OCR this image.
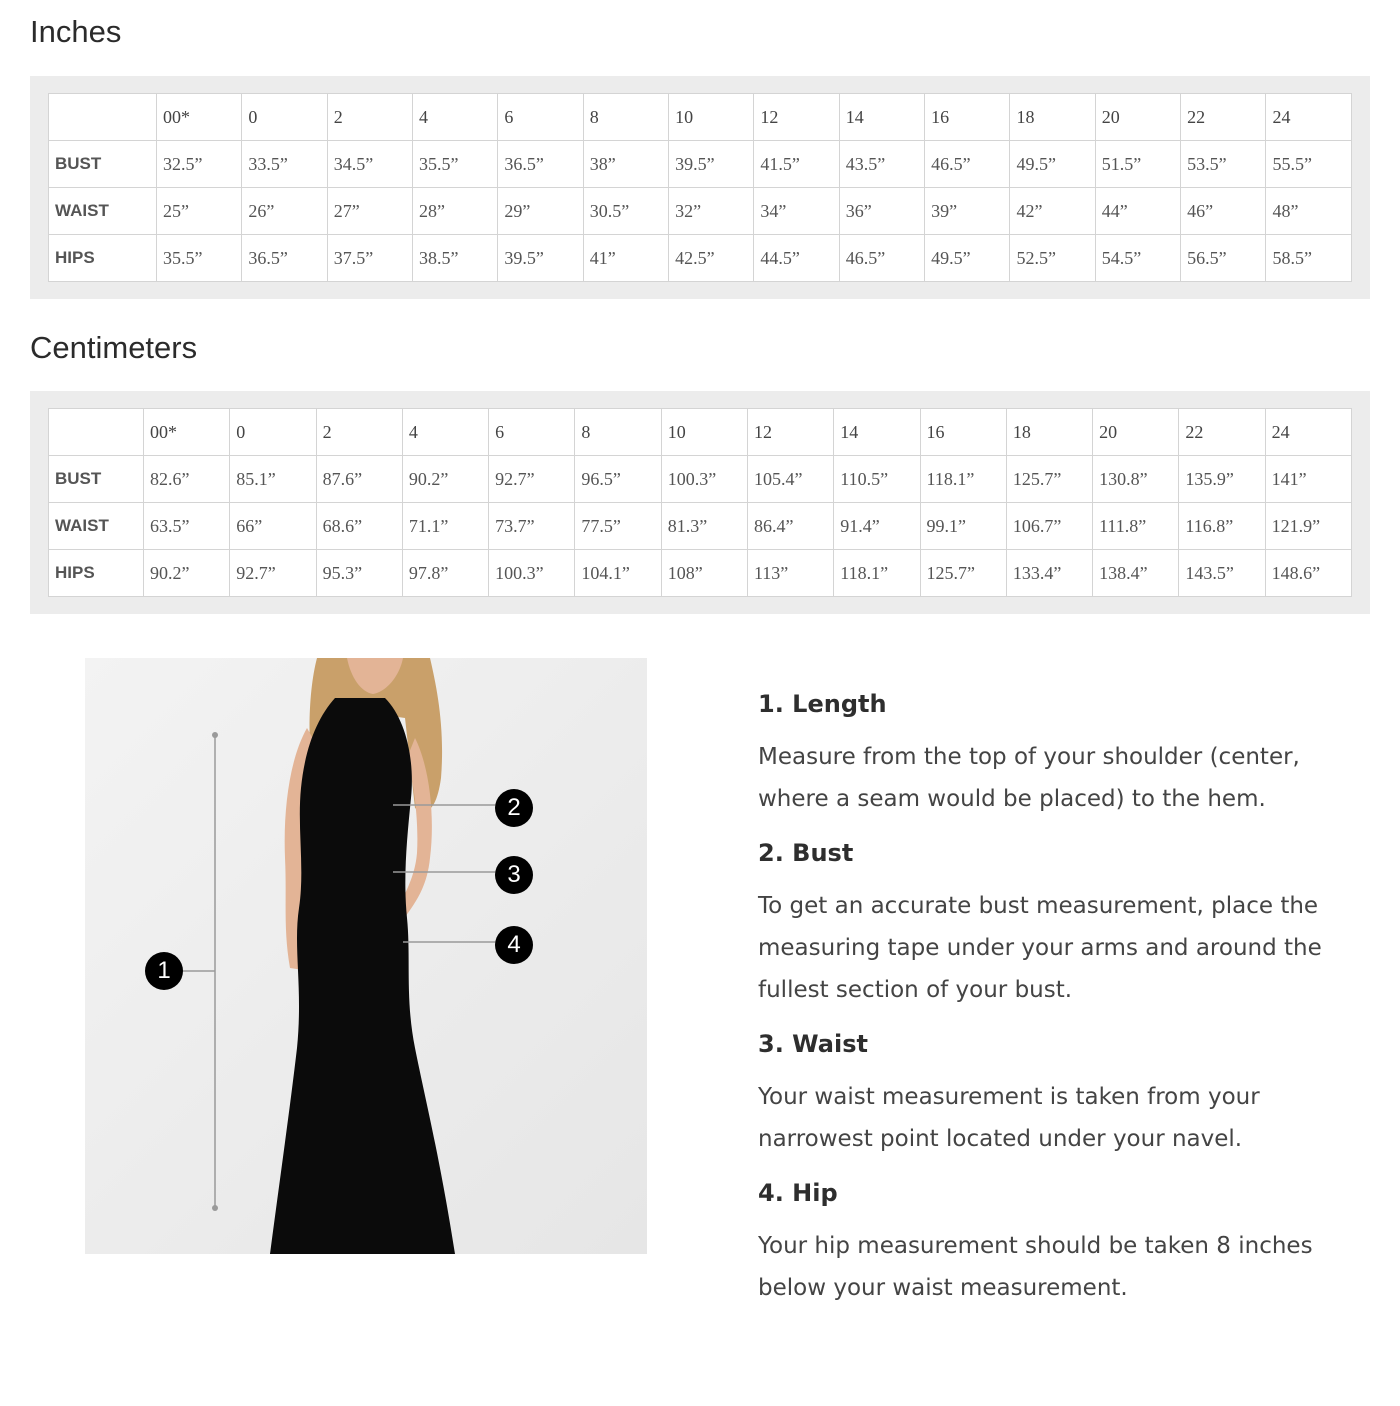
Inches
	00*	0	2	4	6	8	10	12	14	16	18	20	22	24
BUST	32.5”	33.5”	34.5”	35.5”	36.5”	38”	39.5”	41.5”	43.5”	46.5”	49.5”	51.5”	53.5”	55.5”
WAIST	25”	26”	27”	28”	29”	30.5”	32”	34”	36”	39”	42”	44”	46”	48”
HIPS	35.5”	36.5”	37.5”	38.5”	39.5”	41”	42.5”	44.5”	46.5”	49.5”	52.5”	54.5”	56.5”	58.5”
Centimeters
	00*	0	2	4	6	8	10	12	14	16	18	20	22	24
BUST	82.6”	85.1”	87.6”	90.2”	92.7”	96.5”	100.3”	105.4”	110.5”	118.1”	125.7”	130.8”	135.9”	141”
WAIST	63.5”	66”	68.6”	71.1”	73.7”	77.5”	81.3”	86.4”	91.4”	99.1”	106.7”	111.8”	116.8”	121.9”
HIPS	90.2”	92.7”	95.3”	97.8”	100.3”	104.1”	108”	113”	118.1”	125.7”	133.4”	138.4”	143.5”	148.6”
1
2
3
4
1. Length

Measure from the top of your shoulder (center, where a seam would be placed) to the hem.

2. Bust

To get an accurate bust measurement, place the measuring tape under your arms and around the fullest section of your bust.

3. Waist

Your waist measurement is taken from your narrowest point located under your navel.

4. Hip

Your hip measurement should be taken 8 inches below your waist measurement.
